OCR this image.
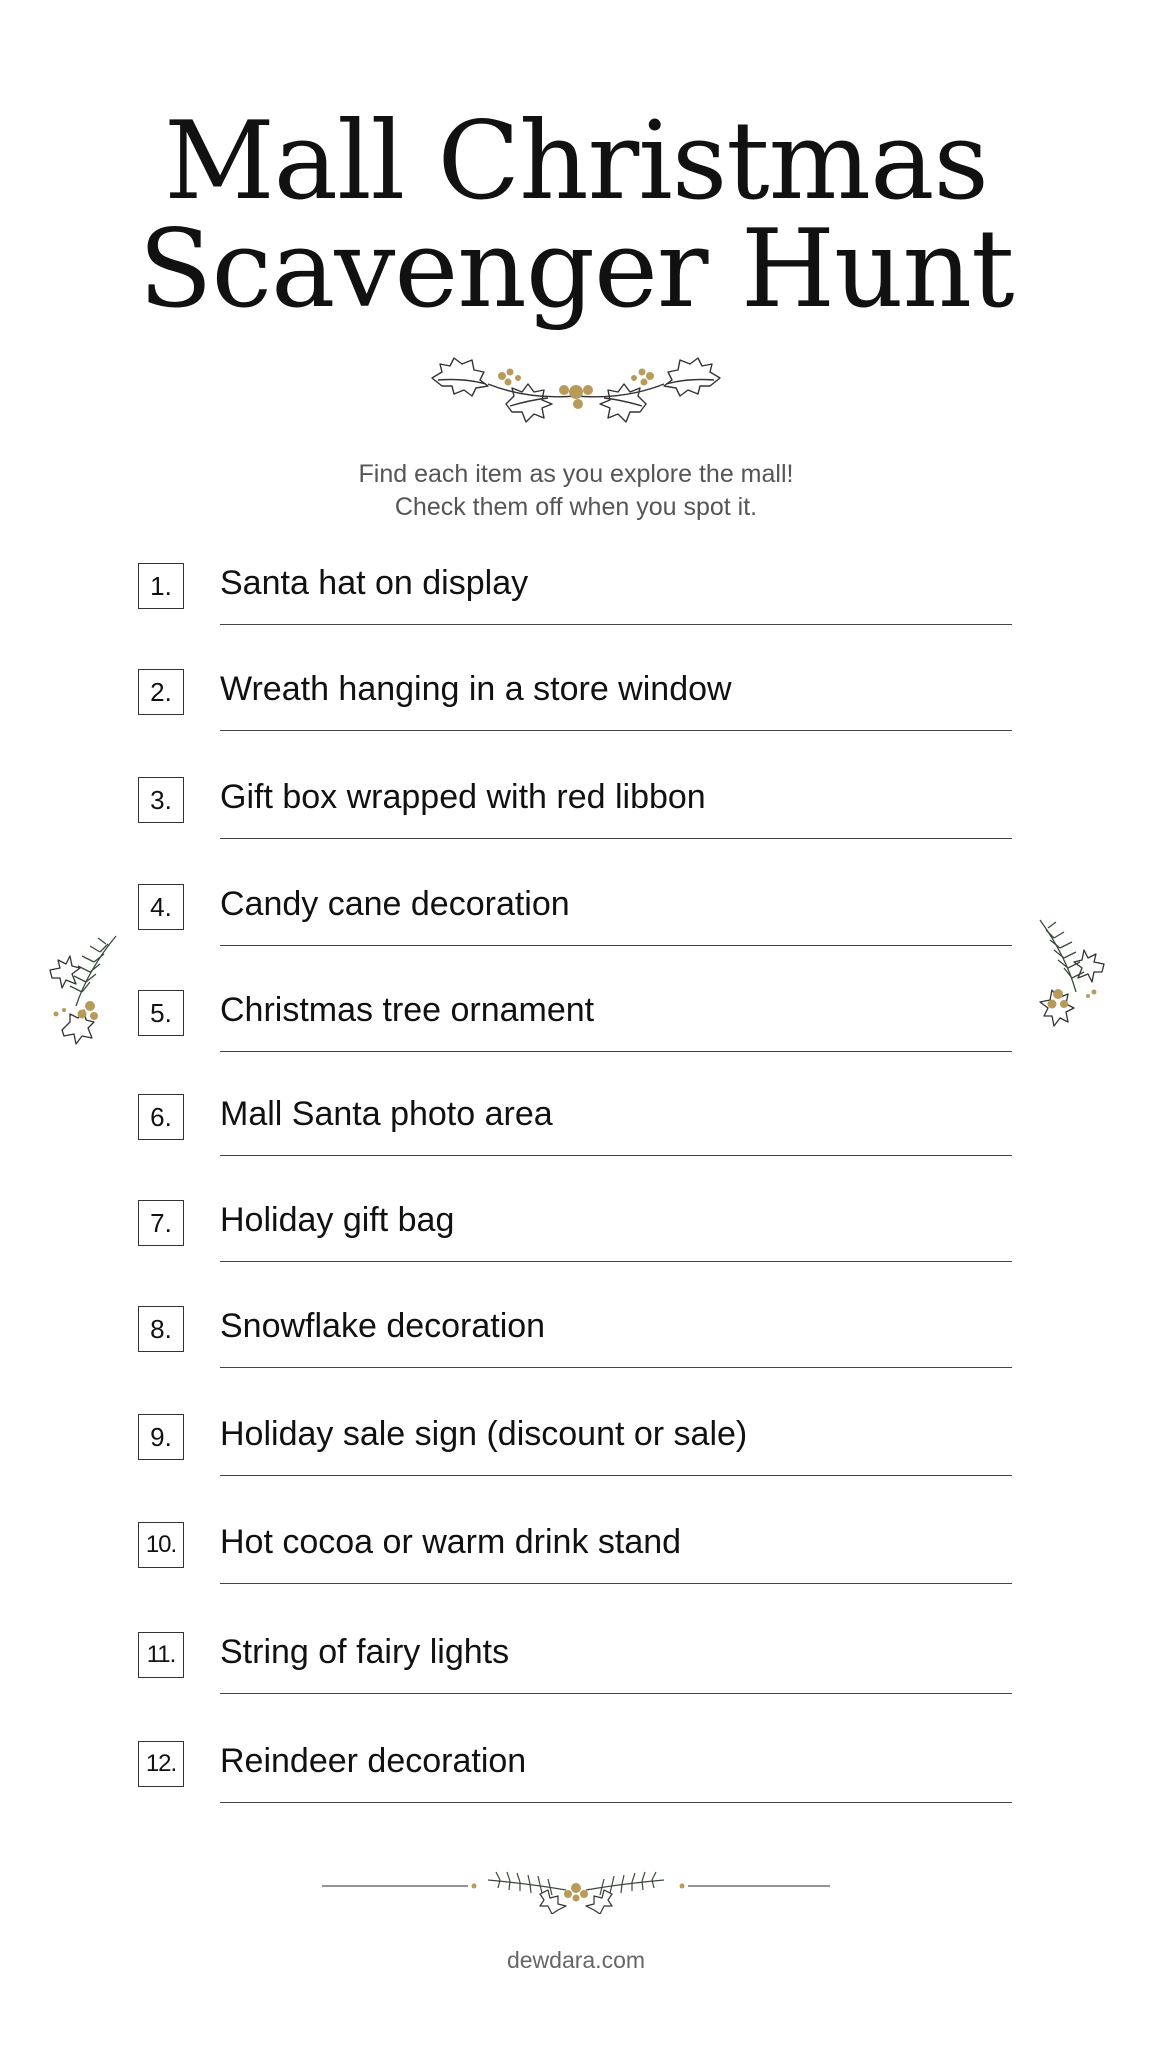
Mall Christmas
Scavenger Hunt
Find each item as you explore the mall!
Check them off when you spot it.
1.	Santa hat on display
2.	Wreath hanging in a store window
3.	Gift box wrapped with red libbon
4.	Candy cane decoration
5.	Christmas tree ornament
6.	Mall Santa photo area
7.	Holiday gift bag
8.	Snowflake decoration
9.	Holiday sale sign (discount or sale)
10. Hot cocoa or warm drink stand
11. String of fairy lights
12. Reindeer decoration
dewdara.com
